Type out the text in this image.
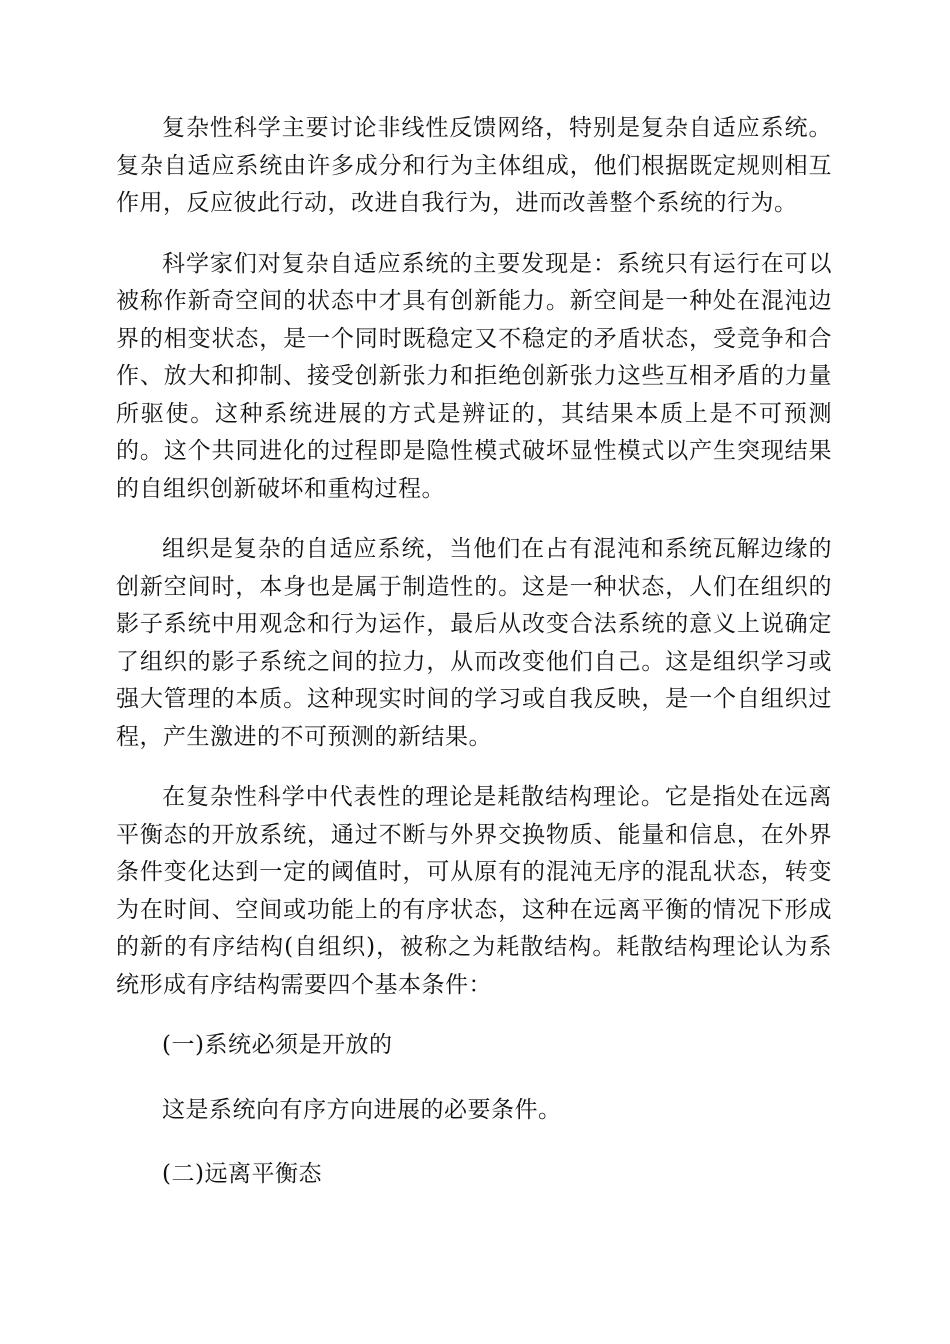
复杂性科学主要讨论非线性反馈网络，特别是复杂自适应系统。复杂自适应系统由许多成分和行为主体组成，他们根据既定规则相互作用，反应彼此行动，改进自我行为，进而改善整个系统的行为。

科学家们对复杂自适应系统的主要发现是：系统只有运行在可以被称作新奇空间的状态中才具有创新能力。新空间是一种处在混沌边界的相变状态，是一个同时既稳定又不稳定的矛盾状态，受竞争和合作、放大和抑制、接受创新张力和拒绝创新张力这些互相矛盾的力量所驱使。这种系统进展的方式是辨证的，其结果本质上是不可预测的。这个共同进化的过程即是隐性模式破坏显性模式以产生突现结果的自组织创新破坏和重构过程。

组织是复杂的自适应系统，当他们在占有混沌和系统瓦解边缘的创新空间时，本身也是属于制造性的。这是一种状态，人们在组织的影子系统中用观念和行为运作，最后从改变合法系统的意义上说确定了组织的影子系统之间的拉力，从而改变他们自己。这是组织学习或强大管理的本质。这种现实时间的学习或自我反映，是一个自组织过程，产生激进的不可预测的新结果。

在复杂性科学中代表性的理论是耗散结构理论。它是指处在远离平衡态的开放系统，通过不断与外界交换物质、能量和信息，在外界条件变化达到一定的阈值时，可从原有的混沌无序的混乱状态，转变为在时间、空间或功能上的有序状态，这种在远离平衡的情况下形成的新的有序结构(自组织)，被称之为耗散结构。耗散结构理论认为系统形成有序结构需要四个基本条件：

(一)系统必须是开放的

这是系统向有序方向进展的必要条件。

(二)远离平衡态
